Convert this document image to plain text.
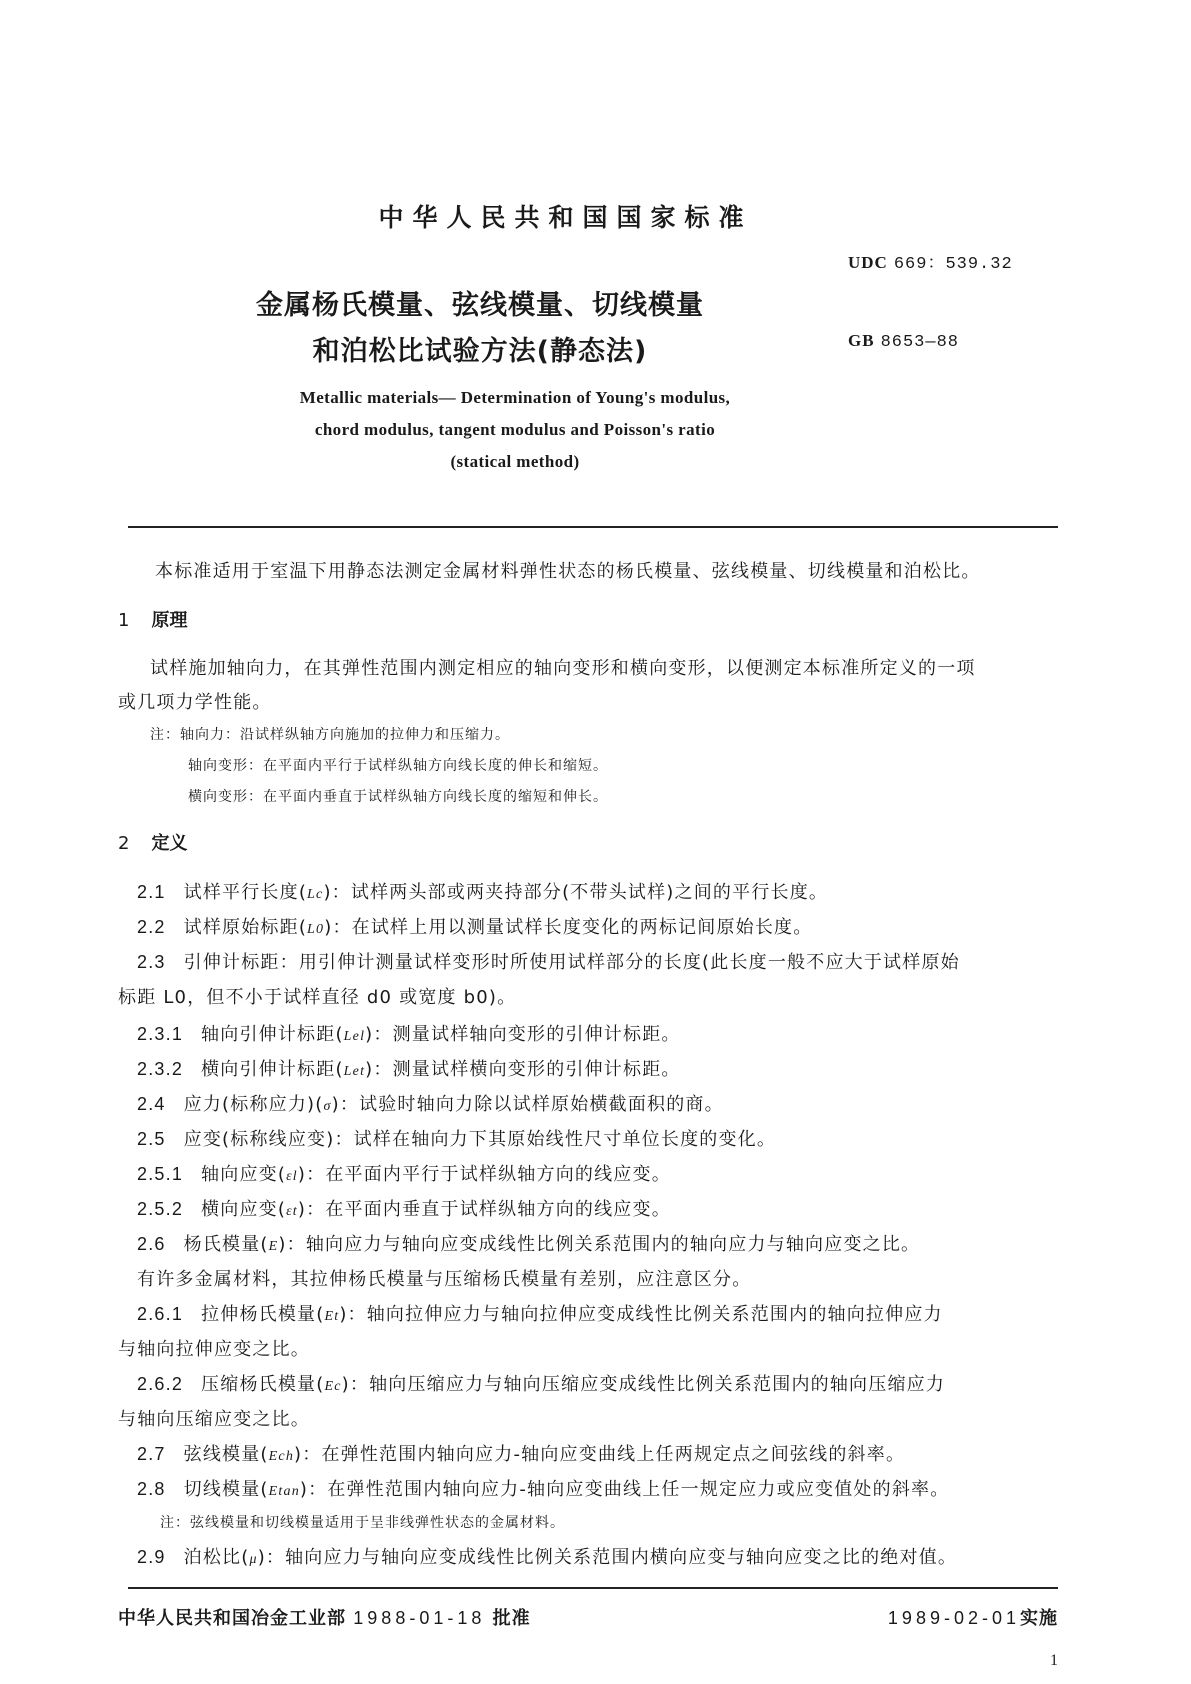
中华人民共和国国家标准
金属杨氏模量、弦线模量、切线模量
和泊松比试验方法(静态法)
UDC 669：539.32
GB 8653—88
Metallic materials— Determination of Young's modulus,
chord modulus, tangent modulus and Poisson's ratio
(statical method)
本标准适用于室温下用静态法测定金属材料弹性状态的杨氏模量、弦线模量、切线模量和泊松比。
1 原理
试样施加轴向力，在其弹性范围内测定相应的轴向变形和横向变形，以便测定本标准所定义的一项
或几项力学性能。
注：轴向力：沿试样纵轴方向施加的拉伸力和压缩力。
轴向变形：在平面内平行于试样纵轴方向线长度的伸长和缩短。
横向变形：在平面内垂直于试样纵轴方向线长度的缩短和伸长。
2 定义
2.1 试样平行长度(Lc)：试样两头部或两夹持部分(不带头试样)之间的平行长度。
2.2 试样原始标距(L0)：在试样上用以测量试样长度变化的两标记间原始长度。
2.3 引伸计标距：用引伸计测量试样变形时所使用试样部分的长度(此长度一般不应大于试样原始
标距 L0，但不小于试样直径 d0 或宽度 b0)。
2.3.1 轴向引伸计标距(Lel)：测量试样轴向变形的引伸计标距。
2.3.2 横向引伸计标距(Let)：测量试样横向变形的引伸计标距。
2.4 应力(标称应力)(σ)：试验时轴向力除以试样原始横截面积的商。
2.5 应变(标称线应变)：试样在轴向力下其原始线性尺寸单位长度的变化。
2.5.1 轴向应变(εl)：在平面内平行于试样纵轴方向的线应变。
2.5.2 横向应变(εt)：在平面内垂直于试样纵轴方向的线应变。
2.6 杨氏模量(E)：轴向应力与轴向应变成线性比例关系范围内的轴向应力与轴向应变之比。
有许多金属材料，其拉伸杨氏模量与压缩杨氏模量有差别，应注意区分。
2.6.1 拉伸杨氏模量(Et)：轴向拉伸应力与轴向拉伸应变成线性比例关系范围内的轴向拉伸应力
与轴向拉伸应变之比。
2.6.2 压缩杨氏模量(Ec)：轴向压缩应力与轴向压缩应变成线性比例关系范围内的轴向压缩应力
与轴向压缩应变之比。
2.7 弦线模量(Ech)：在弹性范围内轴向应力-轴向应变曲线上任两规定点之间弦线的斜率。
2.8 切线模量(Etan)：在弹性范围内轴向应力-轴向应变曲线上任一规定应力或应变值处的斜率。
注：弦线模量和切线模量适用于呈非线弹性状态的金属材料。
2.9 泊松比(μ)：轴向应力与轴向应变成线性比例关系范围内横向应变与轴向应变之比的绝对值。
中华人民共和国冶金工业部 1988-01-18 批准	1989-02-01实施
1
